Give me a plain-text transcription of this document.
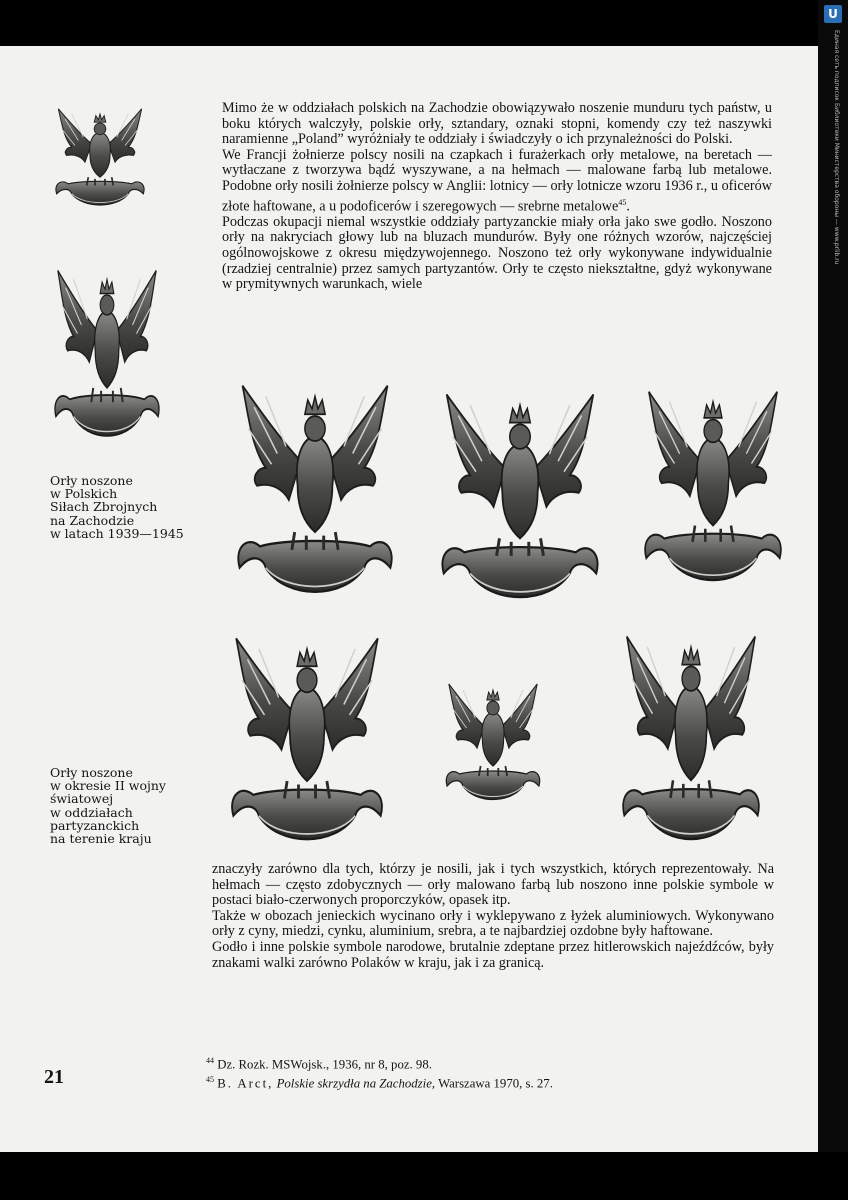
U
Единая сеть подписок Библиотеки Министерства обороны — www.prlib.ru

Mimo że w oddziałach polskich na Zachodzie obowiązywało noszenie munduru tych państw, u boku których walczyły, polskie orły, sztandary, oznaki stopni, komendy czy też naszywki naramienne „Poland” wyróżniały te oddziały i świadczyły o ich przynależności do Polski.

We Francji żołnierze polscy nosili na czapkach i furażerkach orły metalowe, na beretach — wytłaczane z tworzywa bądź wyszywane, a na hełmach — malowane farbą lub metalowe. Podobne orły nosili żołnierze polscy w Anglii: lotnicy — orły lotnicze wzoru 1936 r., u oficerów złote haftowane, a u podoficerów i szeregowych — srebrne metalowe$^{45}$.

Podczas okupacji niemal wszystkie oddziały partyzanckie miały orła jako swe godło. Noszono orły na nakryciach głowy lub na bluzach mundurów. Były one różnych wzorów, najczęściej ogólnowojskowe z okresu międzywojennego. Noszono też orły wykonywane indywidualnie (rzadziej centralnie) przez samych partyzantów. Orły te często niekształtne, gdyż wykonywane w prymitywnych warunkach, wiele

Orły noszone
w Polskich
Siłach Zbrojnych
na Zachodzie
w latach 1939—1945
Orły noszone
w okresie II wojny
światowej
w oddziałach
partyzanckich
na terenie kraju

znaczyły zarówno dla tych, którzy je nosili, jak i tych wszystkich, których reprezentowały. Na hełmach — często zdobycznych — orły malowano farbą lub noszono inne polskie symbole w postaci biało-czerwonych proporczyków, opasek itp.

Także w obozach jenieckich wycinano orły i wyklepywano z łyżek aluminiowych. Wykonywano orły z cyny, miedzi, cynku, aluminium, srebra, a te najbardziej ozdobne były haftowane.

Godło i inne polskie symbole narodowe, brutalnie zdeptane przez hitlerowskich najeźdźców, były znakami walki zarówno Polaków w kraju, jak i za granicą.

21
$^{44}$ Dz. Rozk. MSWojsk., 1936, nr 8, poz. 98.
$^{45}$ B. Arct, Polskie skrzydła na Zachodzie, Warszawa 1970, s. 27.
